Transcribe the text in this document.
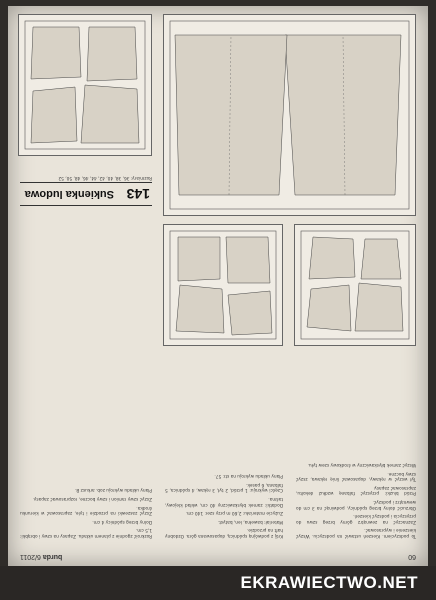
60
burda 6/2011

To podszyciem. Kieszeń ustawić na podszyciu. Wszyć kieszenie i wyprasować.

Zaznaczyć na zewnątrz górny brzeg szwu do przyszycia i podszyć kieszeń.

Obrzucić dolny brzeg spódnicy, podwinąć na 3 cm do wewnątrz i podszyć.

Przód bluzki: przyszyć falbanę wzdłuż dekoltu, zaprasować zapasy.

Tył wszyć w rękawy, dopasować linię rękawa, zszyć szwy boczne.

Wszyć zamek błyskawiczny w środkowy szew tyłu.

Krój z podwójną spódnicą, dopasowana góra. Ozdobny haft na przodzie.

Materiał: bawełna, len, batyst.

Zużycie materiału: 2,60 m przy szer. 140 cm.

Dodatki: zamek błyskawiczny 40 cm, wkład klejowy, taśma.

Części wykroju: 1 przód, 2 tył, 3 rękaw, 4 spódnica, 5 falbana, 6 pasek.

Plany układu wykroju na str. 57.

Rozkroić zgodnie z planem układu. Zapasy na szwy i obrąbki: 1,5 cm.

Dolny brzeg spódnicy 4 cm.

Zszyć zaszewki na przodzie i tyle, zaprasować w kierunku środka.

Zszyć szwy ramion i szwy boczne, rozprasować zapasy.

Plany układu wykroju zob. arkusz B.

143
Sukienka ludowa

Rozmiary: 36, 38, 40, 42, 44, 46, 48, 50, 52

EKRAWIECTWO.NET
